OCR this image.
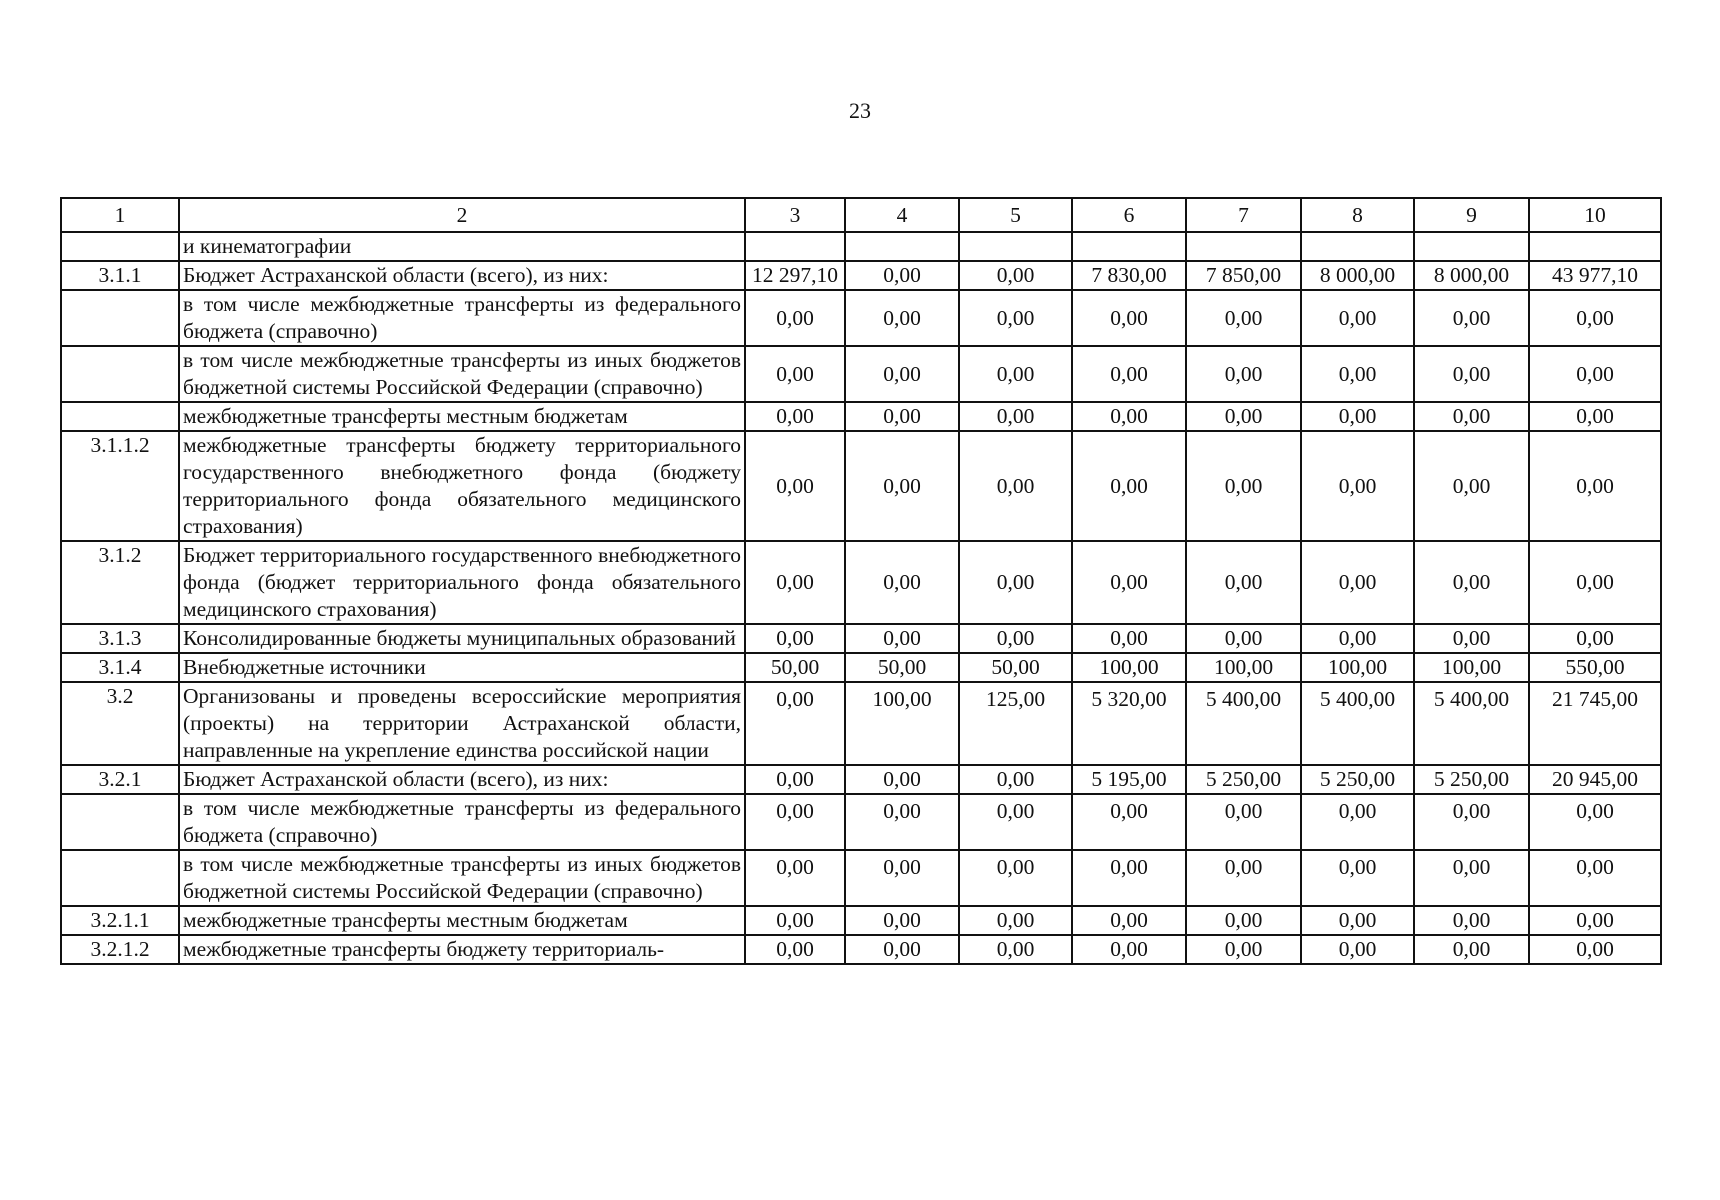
23
1	2	3	4	5	6	7	8	9	10
	и кинематографии								
3.1.1	Бюджет Астраханской области (всего), из них:	12 297,10	0,00	0,00	7 830,00	7 850,00	8 000,00	8 000,00	43 977,10
	в том числе межбюджетные трансферты из федерального бюджета (справочно)	0,00	0,00	0,00	0,00	0,00	0,00	0,00	0,00
	в том числе межбюджетные трансферты из иных бюджетов бюджетной системы Российской Федерации (справочно)	0,00	0,00	0,00	0,00	0,00	0,00	0,00	0,00
	межбюджетные трансферты местным бюджетам	0,00	0,00	0,00	0,00	0,00	0,00	0,00	0,00
3.1.1.2	межбюджетные трансферты бюджету территориального государственного внебюджетного фонда (бюджету территориального фонда обязательного медицинского страхования)	0,00	0,00	0,00	0,00	0,00	0,00	0,00	0,00
3.1.2	Бюджет территориального государственного внебюджетного фонда (бюджет территориального фонда обязательного медицинского страхования)	0,00	0,00	0,00	0,00	0,00	0,00	0,00	0,00
3.1.3	Консолидированные бюджеты муниципальных образований	0,00	0,00	0,00	0,00	0,00	0,00	0,00	0,00
3.1.4	Внебюджетные источники	50,00	50,00	50,00	100,00	100,00	100,00	100,00	550,00
3.2	Организованы и проведены всероссийские мероприятия (проекты) на территории Астраханской области, направленные на укрепление единства российской нации	0,00	100,00	125,00	5 320,00	5 400,00	5 400,00	5 400,00	21 745,00
3.2.1	Бюджет Астраханской области (всего), из них:	0,00	0,00	0,00	5 195,00	5 250,00	5 250,00	5 250,00	20 945,00
	в том числе межбюджетные трансферты из федерального бюджета (справочно)	0,00	0,00	0,00	0,00	0,00	0,00	0,00	0,00
	в том числе межбюджетные трансферты из иных бюджетов бюджетной системы Российской Федерации (справочно)	0,00	0,00	0,00	0,00	0,00	0,00	0,00	0,00
3.2.1.1	межбюджетные трансферты местным бюджетам	0,00	0,00	0,00	0,00	0,00	0,00	0,00	0,00
3.2.1.2	межбюджетные трансферты бюджету территориаль-	0,00	0,00	0,00	0,00	0,00	0,00	0,00	0,00
